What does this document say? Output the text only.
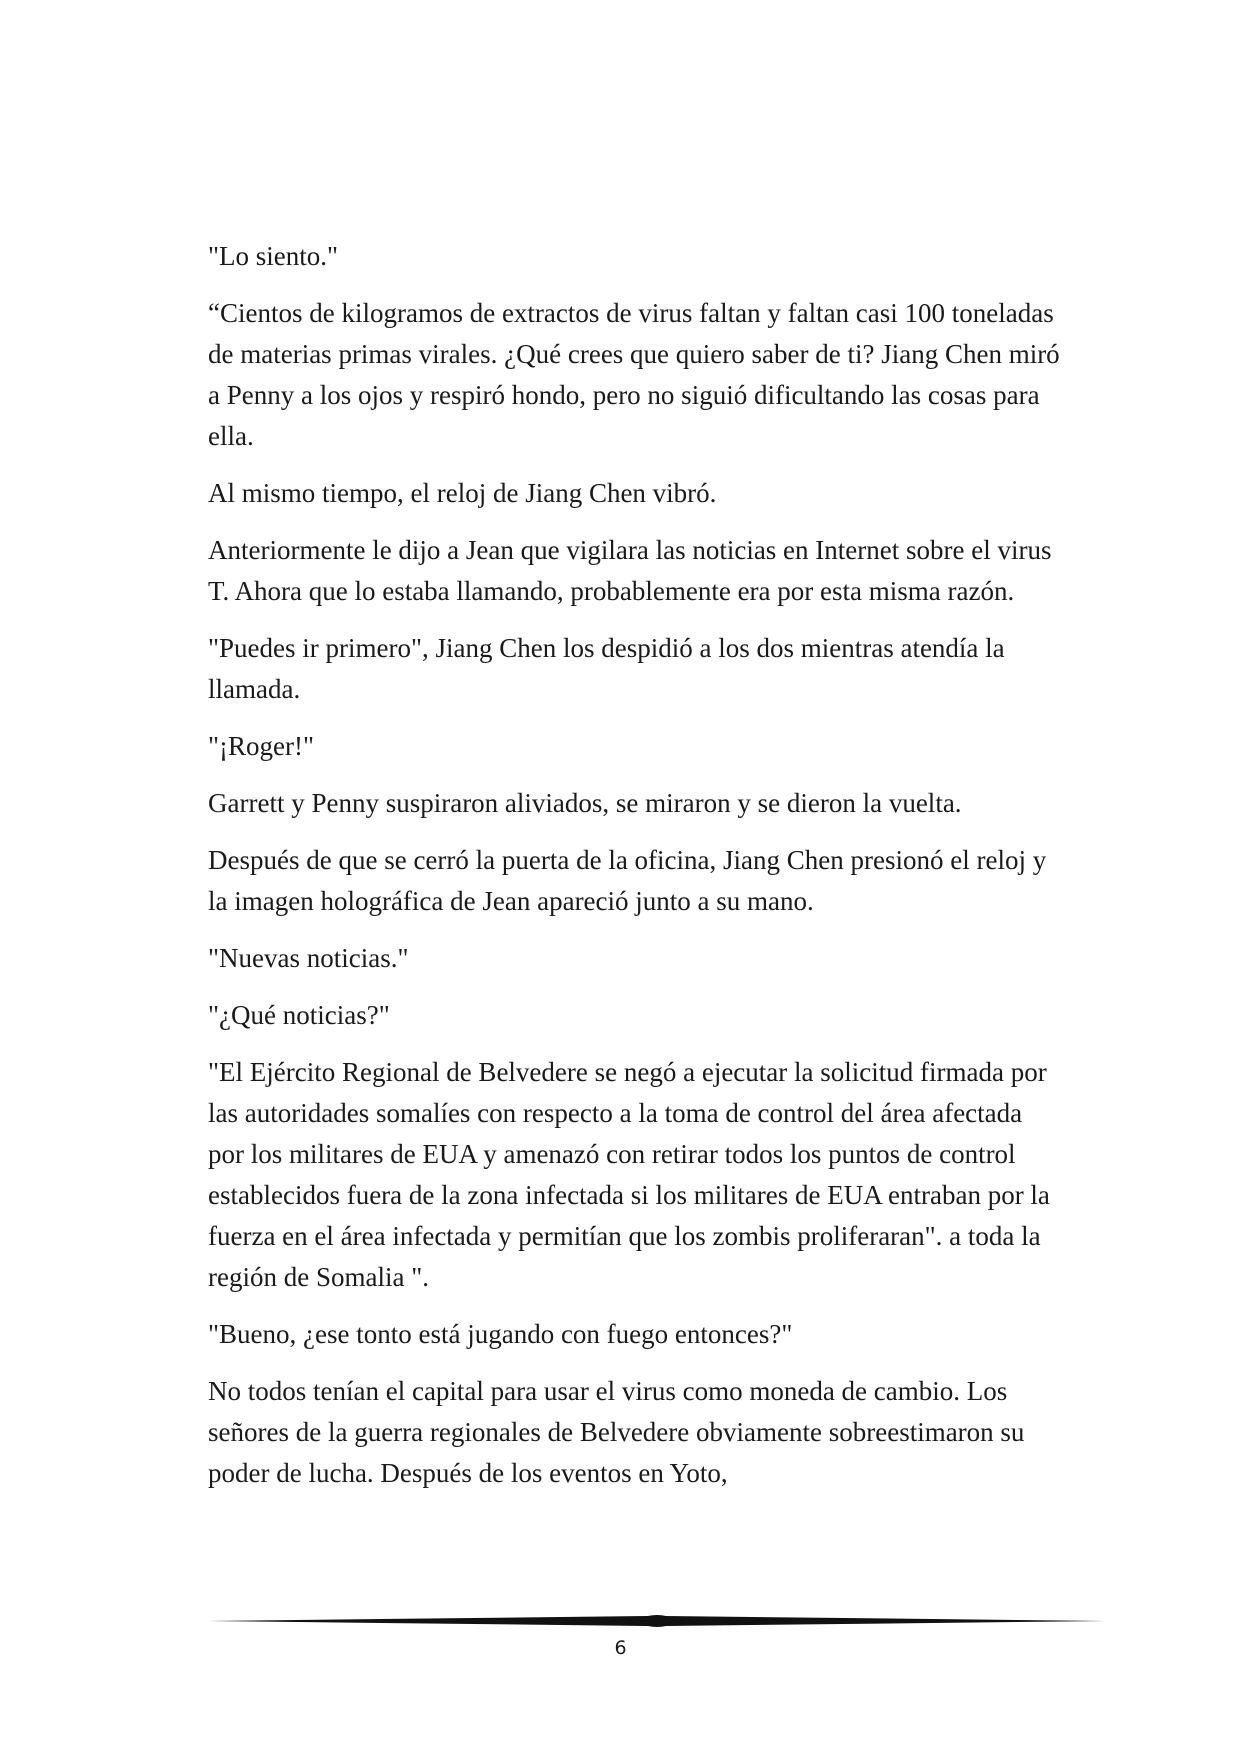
"Lo siento."

“Cientos de kilogramos de extractos de virus faltan y faltan casi 100 toneladas de materias primas virales. ¿Qué crees que quiero saber de ti? Jiang Chen miró a Penny a los ojos y respiró hondo, pero no siguió dificultando las cosas para ella.

Al mismo tiempo, el reloj de Jiang Chen vibró.

Anteriormente le dijo a Jean que vigilara las noticias en Internet sobre el virus T. Ahora que lo estaba llamando, probablemente era por esta misma razón.

"Puedes ir primero", Jiang Chen los despidió a los dos mientras atendía la llamada.

"¡Roger!"

Garrett y Penny suspiraron aliviados, se miraron y se dieron la vuelta.

Después de que se cerró la puerta de la oficina, Jiang Chen presionó el reloj y la imagen holográfica de Jean apareció junto a su mano.

"Nuevas noticias."

"¿Qué noticias?"

"El Ejército Regional de Belvedere se negó a ejecutar la solicitud firmada por las autoridades somalíes con respecto a la toma de control del área afectada por los militares de EUA y amenazó con retirar todos los puntos de control establecidos fuera de la zona infectada si los militares de EUA entraban por la fuerza en el área infectada y permitían que los zombis proliferaran". a toda la región de Somalia ".

"Bueno, ¿ese tonto está jugando con fuego entonces?"

No todos tenían el capital para usar el virus como moneda de cambio. Los señores de la guerra regionales de Belvedere obviamente sobreestimaron su poder de lucha. Después de los eventos en Yoto,

6
